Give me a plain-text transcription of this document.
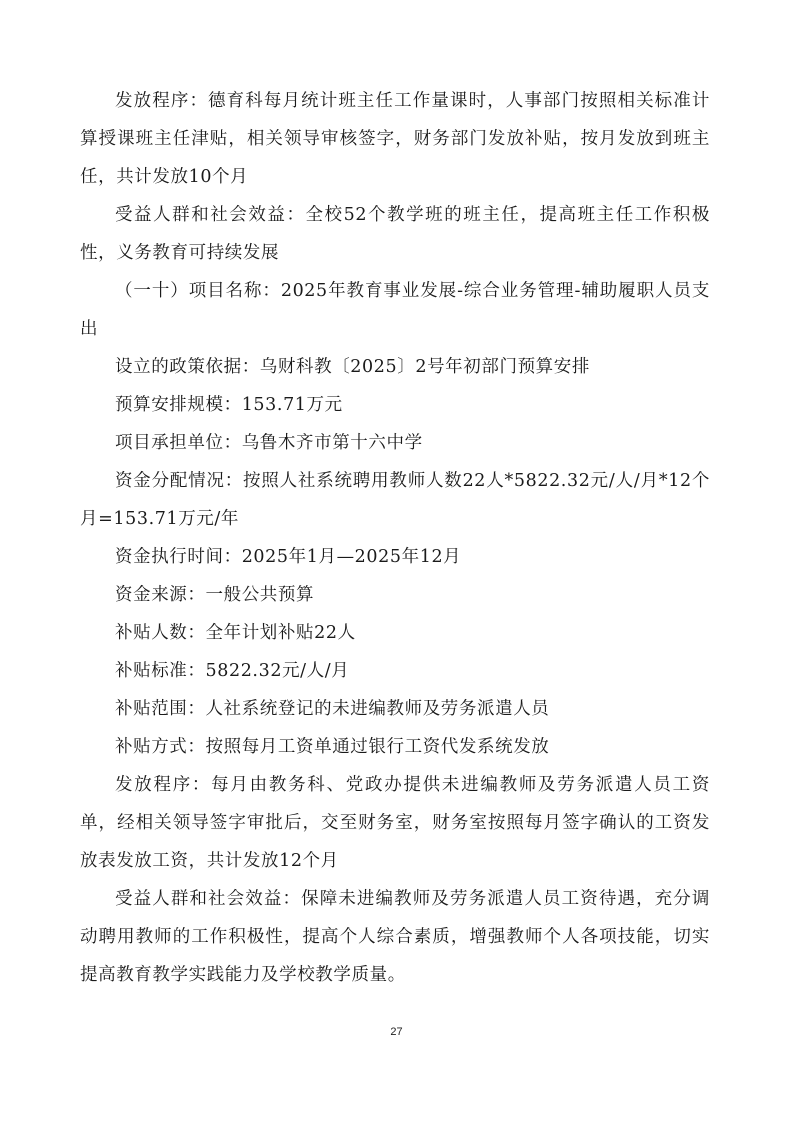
发放程序：德育科每月统计班主任工作量课时，人事部门按照相关标准计算授课班主任津贴，相关领导审核签字，财务部门发放补贴，按月发放到班主任，共计发放10个月

受益人群和社会效益：全校52个教学班的班主任，提高班主任工作积极性，义务教育可持续发展

（一十）项目名称：2025年教育事业发展-综合业务管理-辅助履职人员支出

设立的政策依据：乌财科教〔2025〕2号年初部门预算安排

预算安排规模：153.71万元

项目承担单位：乌鲁木齐市第十六中学

资金分配情况：按照人社系统聘用教师人数22人*5822.32元/人/月*12个月=153.71万元/年

资金执行时间：2025年1月—2025年12月

资金来源：一般公共预算

补贴人数：全年计划补贴22人

补贴标准：5822.32元/人/月

补贴范围：人社系统登记的未进编教师及劳务派遣人员

补贴方式：按照每月工资单通过银行工资代发系统发放

发放程序：每月由教务科、党政办提供未进编教师及劳务派遣人员工资单，经相关领导签字审批后，交至财务室，财务室按照每月签字确认的工资发放表发放工资，共计发放12个月

受益人群和社会效益：保障未进编教师及劳务派遣人员工资待遇，充分调动聘用教师的工作积极性，提高个人综合素质，增强教师个人各项技能，切实提高教育教学实践能力及学校教学质量。

27
